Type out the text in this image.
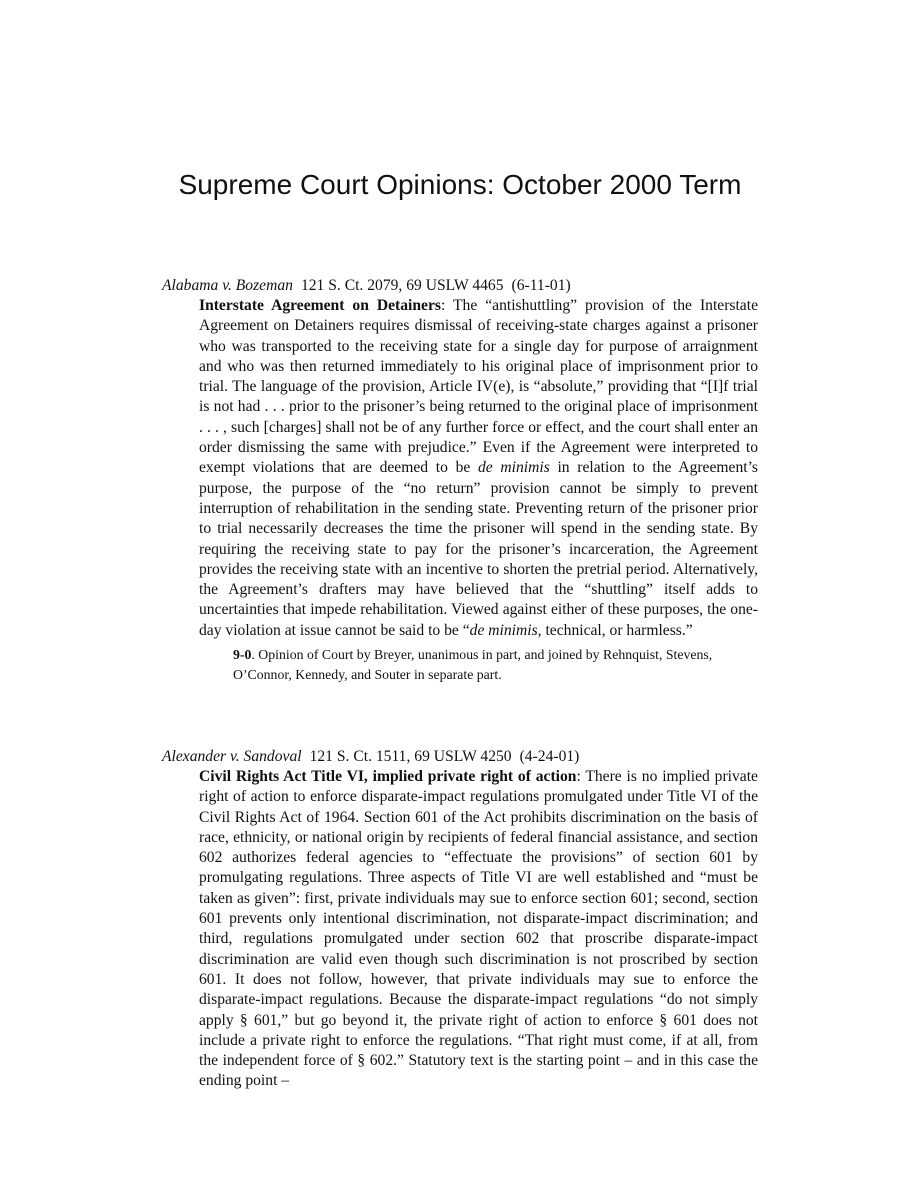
Supreme Court Opinions: October 2000 Term
Alabama v. Bozeman 121 S. Ct. 2079, 69 USLW 4465 (6-11-01)
Interstate Agreement on Detainers: The “antishuttling” provision of the Interstate Agreement on Detainers requires dismissal of receiving-state charges against a prisoner who was transported to the receiving state for a single day for purpose of arraignment and who was then returned immediately to his original place of imprisonment prior to trial. The language of the provision, Article IV(e), is “absolute,” providing that “[I]f trial is not had . . . prior to the prisoner’s being returned to the original place of imprisonment . . . , such [charges] shall not be of any further force or effect, and the court shall enter an order dismissing the same with prejudice.” Even if the Agreement were interpreted to exempt violations that are deemed to be de minimis in relation to the Agreement’s purpose, the purpose of the “no return” provision cannot be simply to prevent interruption of rehabilitation in the sending state. Preventing return of the prisoner prior to trial necessarily decreases the time the prisoner will spend in the sending state. By requiring the receiving state to pay for the prisoner’s incarceration, the Agreement provides the receiving state with an incentive to shorten the pretrial period. Alternatively, the Agreement’s drafters may have believed that the “shuttling” itself adds to uncertainties that impede rehabilitation. Viewed against either of these purposes, the one-day violation at issue cannot be said to be “de minimis, technical, or harmless.”
9-0. Opinion of Court by Breyer, unanimous in part, and joined by Rehnquist, Stevens, O’Connor, Kennedy, and Souter in separate part.
Alexander v. Sandoval 121 S. Ct. 1511, 69 USLW 4250 (4-24-01)
Civil Rights Act Title VI, implied private right of action: There is no implied private right of action to enforce disparate-impact regulations promulgated under Title VI of the Civil Rights Act of 1964. Section 601 of the Act prohibits discrimination on the basis of race, ethnicity, or national origin by recipients of federal financial assistance, and section 602 authorizes federal agencies to “effectuate the provisions” of section 601 by promulgating regulations. Three aspects of Title VI are well established and “must be taken as given”: first, private individuals may sue to enforce section 601; second, section 601 prevents only intentional discrimination, not disparate-impact discrimination; and third, regulations promulgated under section 602 that proscribe disparate-impact discrimination are valid even though such discrimination is not proscribed by section 601. It does not follow, however, that private individuals may sue to enforce the disparate-impact regulations. Because the disparate-impact regulations “do not simply apply § 601,” but go beyond it, the private right of action to enforce § 601 does not include a private right to enforce the regulations. “That right must come, if at all, from the independent force of § 602.” Statutory text is the starting point – and in this case the ending point –
